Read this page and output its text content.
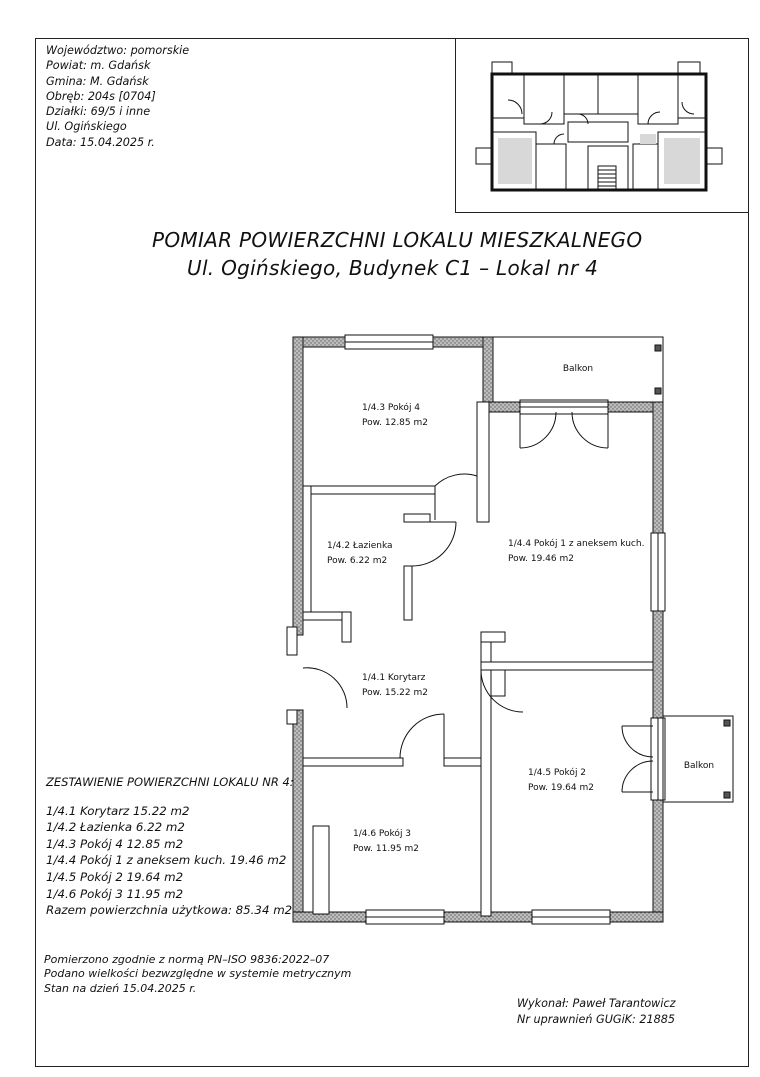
Województwo: pomorskie
Powiat: m. Gdańsk
Gmina: M. Gdańsk
Obręb: 204s [0704]
Działki: 69/5 i inne
Ul. Ogińskiego
Data: 15.04.2025 r.
POMIAR POWIERZCHNI LOKALU MIESZKALNEGO
Ul. Ogińskiego, Budynek C1 – Lokal nr 4
Balkon
Balkon
1/4.3 Pokój 4
Pow. 12.85 m2
1/4.2 Łazienka
Pow. 6.22 m2
1/4.4 Pokój 1 z aneksem kuch.
Pow. 19.46 m2
1/4.1 Korytarz
Pow. 15.22 m2
1/4.5 Pokój 2
Pow. 19.64 m2
1/4.6 Pokój 3
Pow. 11.95 m2
ZESTAWIENIE POWIERZCHNI LOKALU NR 4:
1/4.1 Korytarz 15.22 m2
1/4.2 Łazienka 6.22 m2
1/4.3 Pokój 4 12.85 m2
1/4.4 Pokój 1 z aneksem kuch. 19.46 m2
1/4.5 Pokój 2 19.64 m2
1/4.6 Pokój 3 11.95 m2
Razem powierzchnia użytkowa: 85.34 m2
Pomierzono zgodnie z normą PN–ISO 9836:2022–07
Podano wielkości bezwzględne w systemie metrycznym
Stan na dzień 15.04.2025 r.
Wykonał: Paweł Tarantowicz
Nr uprawnień GUGiK: 21885
